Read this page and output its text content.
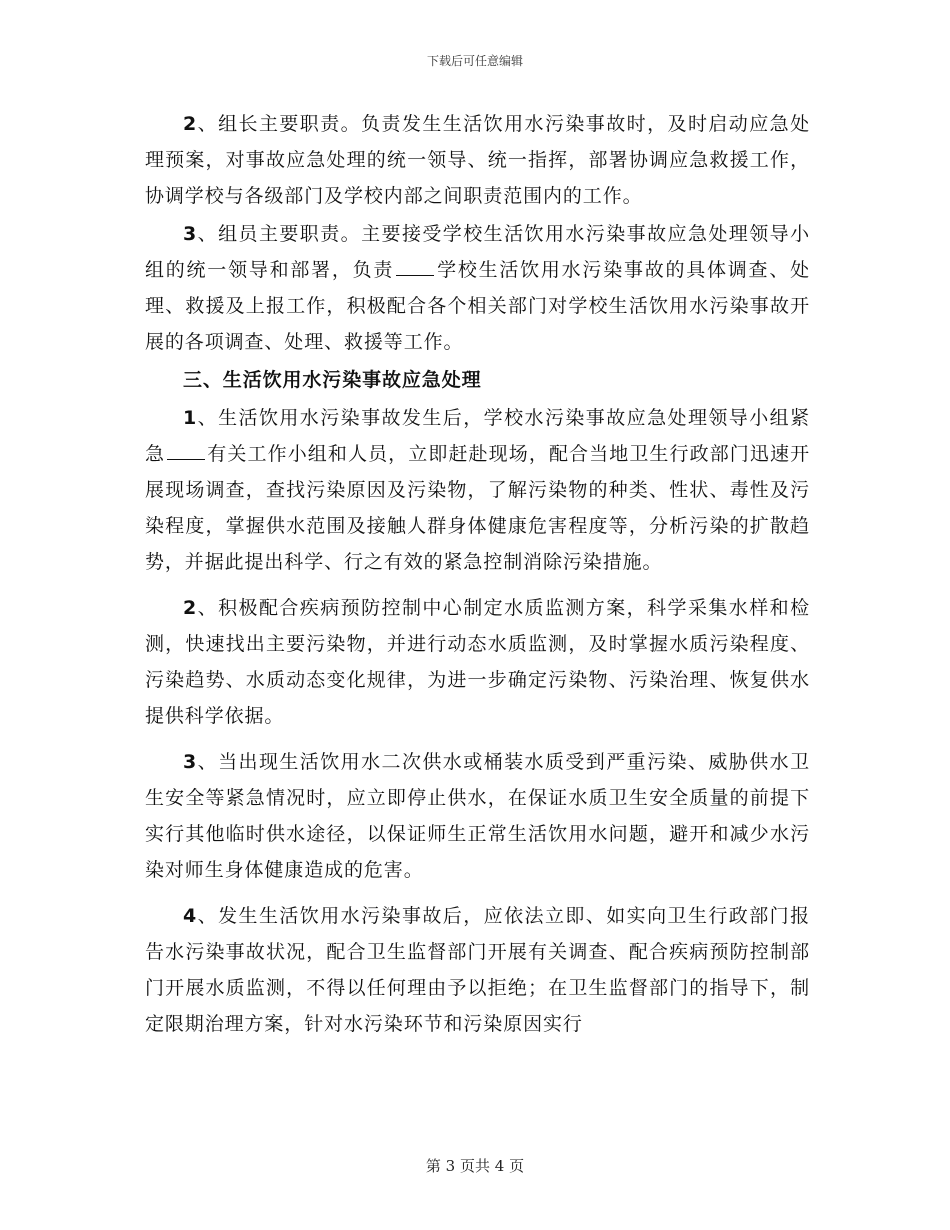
下载后可任意编辑

2、组长主要职责。负责发生生活饮用水污染事故时，及时启动应急处理预案，对事故应急处理的统一领导、统一指挥，部署协调应急救援工作，协调学校与各级部门及学校内部之间职责范围内的工作。

3、组员主要职责。主要接受学校生活饮用水污染事故应急处理领导小组的统一领导和部署，负责 学校生活饮用水污染事故的具体调查、处理、救援及上报工作，积极配合各个相关部门对学校生活饮用水污染事故开展的各项调查、处理、救援等工作。

三、生活饮用水污染事故应急处理

1、生活饮用水污染事故发生后，学校水污染事故应急处理领导小组紧急 有关工作小组和人员，立即赶赴现场，配合当地卫生行政部门迅速开展现场调查，查找污染原因及污染物，了解污染物的种类、性状、毒性及污染程度，掌握供水范围及接触人群身体健康危害程度等，分析污染的扩散趋势，并据此提出科学、行之有效的紧急控制消除污染措施。

2、积极配合疾病预防控制中心制定水质监测方案，科学采集水样和检测，快速找出主要污染物，并进行动态水质监测，及时掌握水质污染程度、污染趋势、水质动态变化规律，为进一步确定污染物、污染治理、恢复供水提供科学依据。

3、当出现生活饮用水二次供水或桶装水质受到严重污染、威胁供水卫生安全等紧急情况时，应立即停止供水，在保证水质卫生安全质量的前提下实行其他临时供水途径，以保证师生正常生活饮用水问题，避开和减少水污染对师生身体健康造成的危害。

4、发生生活饮用水污染事故后，应依法立即、如实向卫生行政部门报告水污染事故状况，配合卫生监督部门开展有关调查、配合疾病预防控制部门开展水质监测，不得以任何理由予以拒绝；在卫生监督部门的指导下，制定限期治理方案，针对水污染环节和污染原因实行

第 3 页共 4 页
